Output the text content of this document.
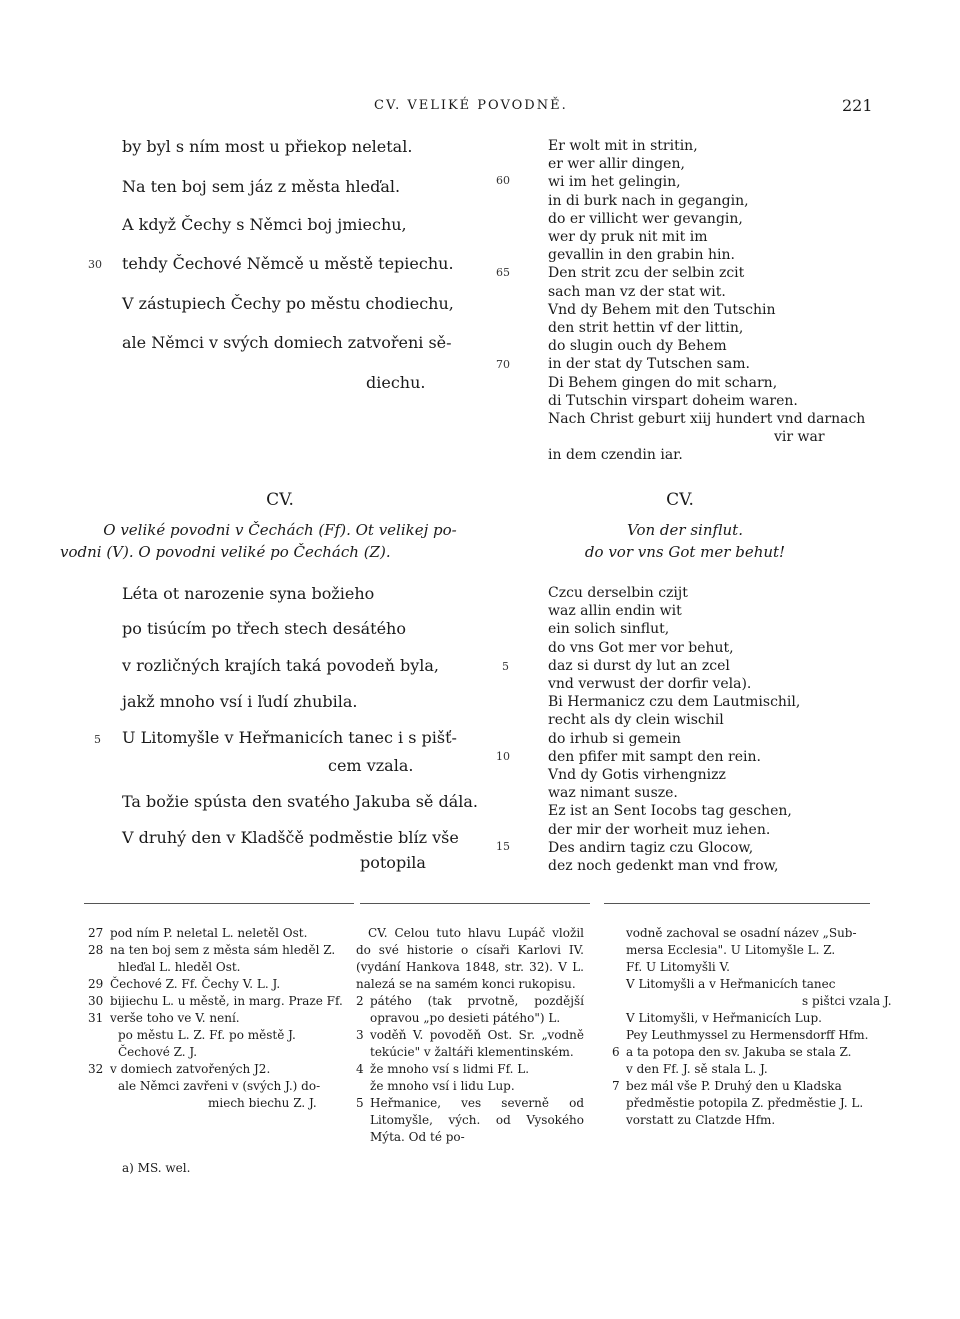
CV. VELIKÉ POVODNĚ.	221
by byl s ním most u přiekop neletal.
Na ten boj sem jáz z města hleďal.
A když Čechy s Němci boj jmiechu,
30 tehdy Čechové Němcě u městě tepiechu.
V zástupiech Čechy po městu chodiechu,
ale Němci v svých domiech zatvořeni sě-
diechu.
60
65
70
Er wolt mit in stritin,
er wer allir dingen,
wi im het gelingin,
in di burk nach in gegangin,
do er villicht wer gevangin,
wer dy pruk nit mit im
gevallin in den grabin hin.
Den strit zcu der selbin zcit
sach man vz der stat wit.
Vnd dy Behem mit den Tutschin
den strit hettin vf der littin,
do slugin ouch dy Behem
in der stat dy Tutschen sam.
Di Behem gingen do mit scharn,
di Tutschin virspart doheim waren.
Nach Christ geburt xiij hundert vnd darnach
vir war
in dem czendin iar.
CV.	CV.
O veliké povodni v Čechách (Ff). Ot velikej po-
vodni (V). O povodni veliké po Čechách (Z).
Von der sinflut.
do vor vns Got mer behut!
Léta ot narozenie syna božieho
po tisúcím po třech stech desátého
v rozličných krajích taká povodeň byla,
jakž mnoho vsí i ľudí zhubila.
5 U Litomyšle v Heřmanicích tanec i s pišť-
cem vzala.
Ta božie spústa den svatého Jakuba sě dála.
V druhý den v Kladščě podměstie blíz vše
potopila
5
10
15
Czcu derselbin czijt
waz allin endin wit
ein solich sinflut,
do vns Got mer vor behut,
daz si durst dy lut an zcel
vnd verwust der dorfir vela).
Bi Hermanicz czu dem Lautmischil,
recht als dy clein wischil
do irhub si gemein
den pfifer mit sampt den rein.
Vnd dy Gotis virhengnizz
waz nimant susze.
Ez ist an Sent Iocobs tag geschen,
der mir der worheit muz iehen.
Des andirn tagiz czu Glocow,
dez noch gedenkt man vnd frow,
27 pod ním P. neletal L. neletěl Ost.
28 na ten boj sem z města sám hleděl Z.
hleďal L. hleděl Ost.
29 Čechové Z. Ff. Čechy V. L. J.
30 bijiechu L. u městě, in marg. Praze Ff.
31 verše toho ve V. není.
po městu L. Z. Ff. po městě J.
Čechové Z. J.
32 v domiech zatvořených J2.
ale Němci zavřeni v (svých J.) do-
miech biechu Z. J.
CV. Celou tuto hlavu Lupáč vložil do své historie o císaři Karlovi IV. (vydání Hankova 1848, str. 32). V L. nalezá se na samém konci rukopisu.
2 pátého (tak prvotně, pozdější opravou „po desieti pátého") L.
3 voděň V. povoděň Ost. Sr. „vodně tekúcie" v žaltáři klementinském.
4 že mnoho vsí s lidmi Ff. L.
že mnoho vsí i lidu Lup.
5 Heřmanice, ves severně od Litomyšle, vých. od Vysokého Mýta. Od té po-
vodně zachoval se osadní název „Sub-
mersa Ecclesia". U Litomyšle L. Z.
Ff. U Litomyšli V.
V Litomyšli a v Heřmanicích tanec
s pištci vzala J.
V Litomyšli, v Heřmanicích Lup.
Pey Leuthmyssel zu Hermensdorff Hfm.
6 a ta potopa den sv. Jakuba se stala Z.
v den Ff. J. sě stala L. J.
7 bez mál vše P. Druhý den u Kladska
předměstie potopila Z. předměstie J. L.
vorstatt zu Clatzde Hfm.
a) MS. wel.
